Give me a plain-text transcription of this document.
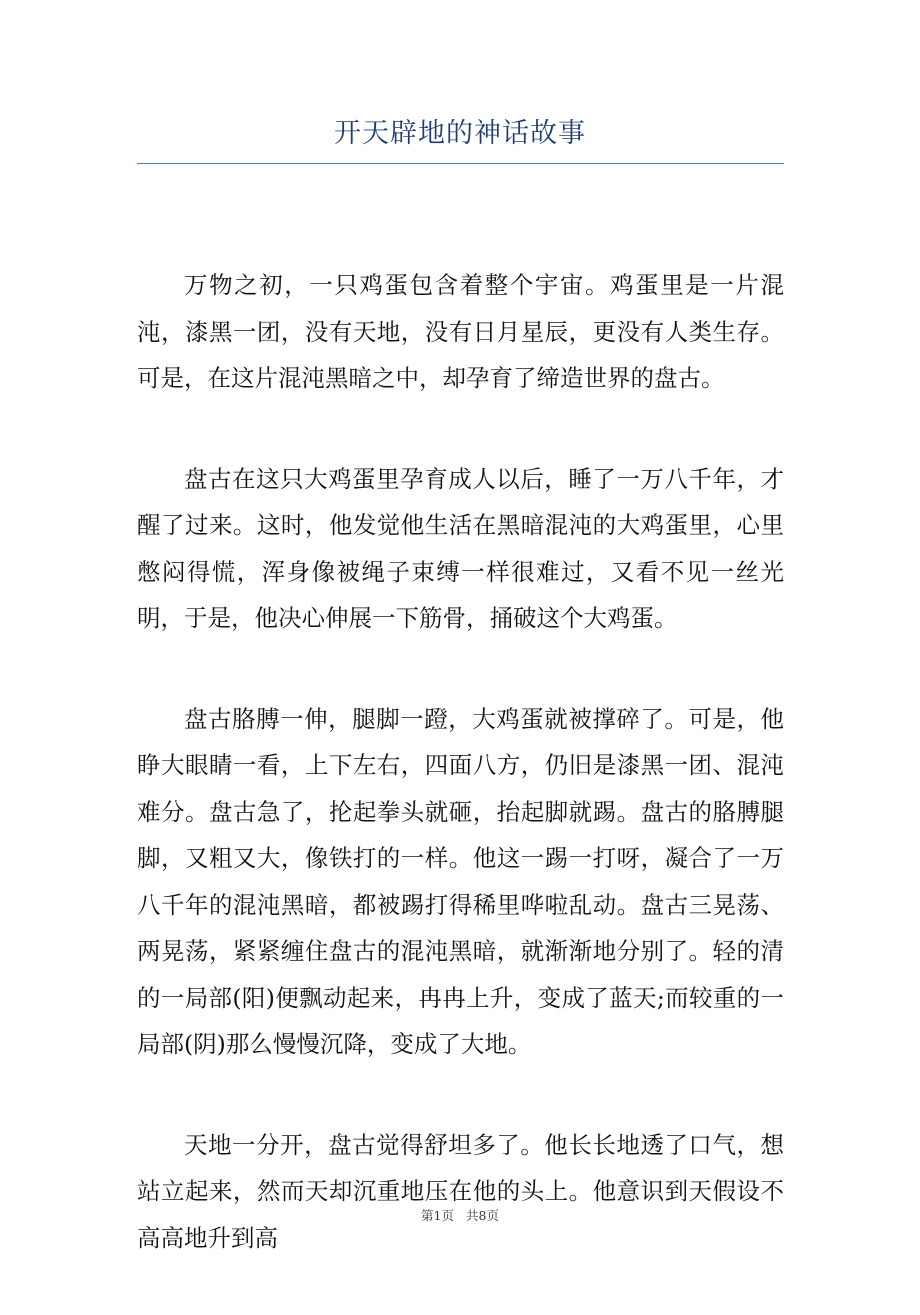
开天辟地的神话故事

万物之初，一只鸡蛋包含着整个宇宙。鸡蛋里是一片混沌，漆黑一团，没有天地，没有日月星辰，更没有人类生存。可是，在这片混沌黑暗之中，却孕育了缔造世界的盘古。

盘古在这只大鸡蛋里孕育成人以后，睡了一万八千年，才醒了过来。这时，他发觉他生活在黑暗混沌的大鸡蛋里，心里憋闷得慌，浑身像被绳子束缚一样很难过，又看不见一丝光明，于是，他决心伸展一下筋骨，捅破这个大鸡蛋。

盘古胳膊一伸，腿脚一蹬，大鸡蛋就被撑碎了。可是，他睁大眼睛一看，上下左右，四面八方，仍旧是漆黑一团、混沌难分。盘古急了，抡起拳头就砸，抬起脚就踢。盘古的胳膊腿脚，又粗又大，像铁打的一样。他这一踢一打呀，凝合了一万八千年的混沌黑暗，都被踢打得稀里哗啦乱动。盘古三晃荡、两晃荡，紧紧缠住盘古的混沌黑暗，就渐渐地分别了。轻的清的一局部(阳)便飘动起来，冉冉上升，变成了蓝天;而较重的一局部(阴)那么慢慢沉降，变成了大地。

天地一分开，盘古觉得舒坦多了。他长长地透了口气，想站立起来，然而天却沉重地压在他的头上。他意识到天假设不高高地升到高

第1页 共8页
